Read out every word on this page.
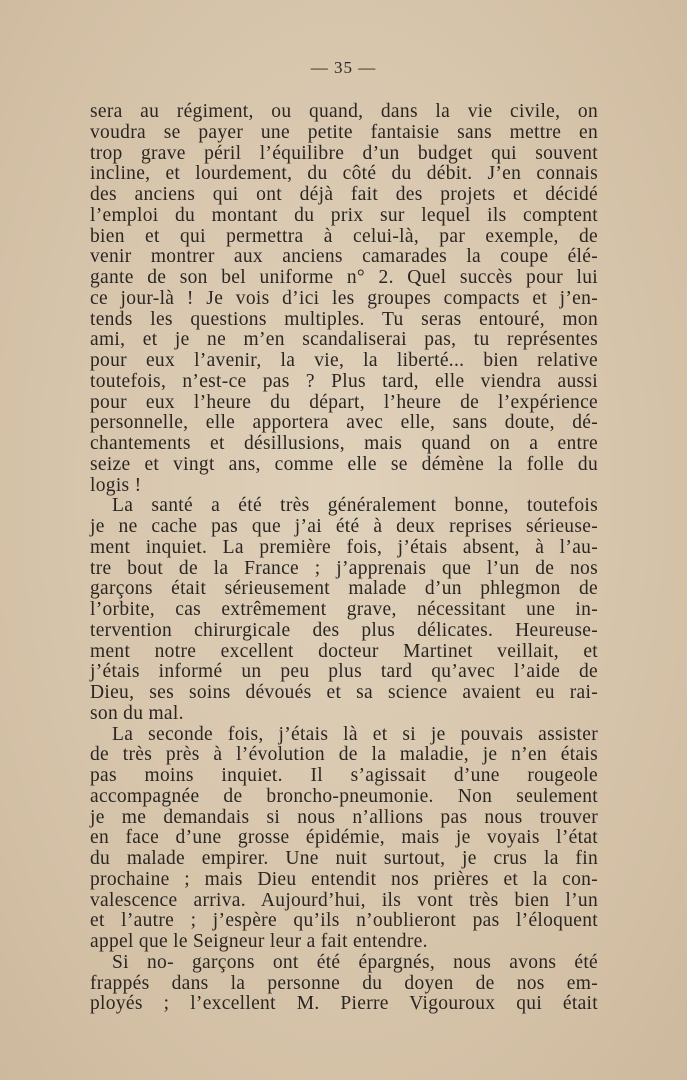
— 35 —
sera au régiment, ou quand, dans la vie civile, on
voudra se payer une petite fantaisie sans mettre en
trop grave péril l’équilibre d’un budget qui souvent
incline, et lourdement, du côté du débit. J’en connais
des anciens qui ont déjà fait des projets et décidé
l’emploi du montant du prix sur lequel ils comptent
bien et qui permettra à celui-là, par exemple, de
venir montrer aux anciens camarades la coupe élé-
gante de son bel uniforme n° 2. Quel succès pour lui
ce jour-là ! Je vois d’ici les groupes compacts et j’en-
tends les questions multiples. Tu seras entouré, mon
ami, et je ne m’en scandaliserai pas, tu représentes
pour eux l’avenir, la vie, la liberté... bien relative
toutefois, n’est-ce pas ? Plus tard, elle viendra aussi
pour eux l’heure du départ, l’heure de l’expérience
personnelle, elle apportera avec elle, sans doute, dé-
chantements et désillusions, mais quand on a entre
seize et vingt ans, comme elle se démène la folle du
logis !
La santé a été très généralement bonne, toutefois
je ne cache pas que j’ai été à deux reprises sérieuse-
ment inquiet. La première fois, j’étais absent, à l’au-
tre bout de la France ; j’apprenais que l’un de nos
garçons était sérieusement malade d’un phlegmon de
l’orbite, cas extrêmement grave, nécessitant une in-
tervention chirurgicale des plus délicates. Heureuse-
ment notre excellent docteur Martinet veillait, et
j’étais informé un peu plus tard qu’avec l’aide de
Dieu, ses soins dévoués et sa science avaient eu rai-
son du mal.
La seconde fois, j’étais là et si je pouvais assister
de très près à l’évolution de la maladie, je n’en étais
pas moins inquiet. Il s’agissait d’une rougeole
accompagnée de broncho-pneumonie. Non seulement
je me demandais si nous n’allions pas nous trouver
en face d’une grosse épidémie, mais je voyais l’état
du malade empirer. Une nuit surtout, je crus la fin
prochaine ; mais Dieu entendit nos prières et la con-
valescence arriva. Aujourd’hui, ils vont très bien l’un
et l’autre ; j’espère qu’ils n’oublieront pas l’éloquent
appel que le Seigneur leur a fait entendre.
Si no- garçons ont été épargnés, nous avons été
frappés dans la personne du doyen de nos em-
ployés ; l’excellent M. Pierre Vigouroux qui était
